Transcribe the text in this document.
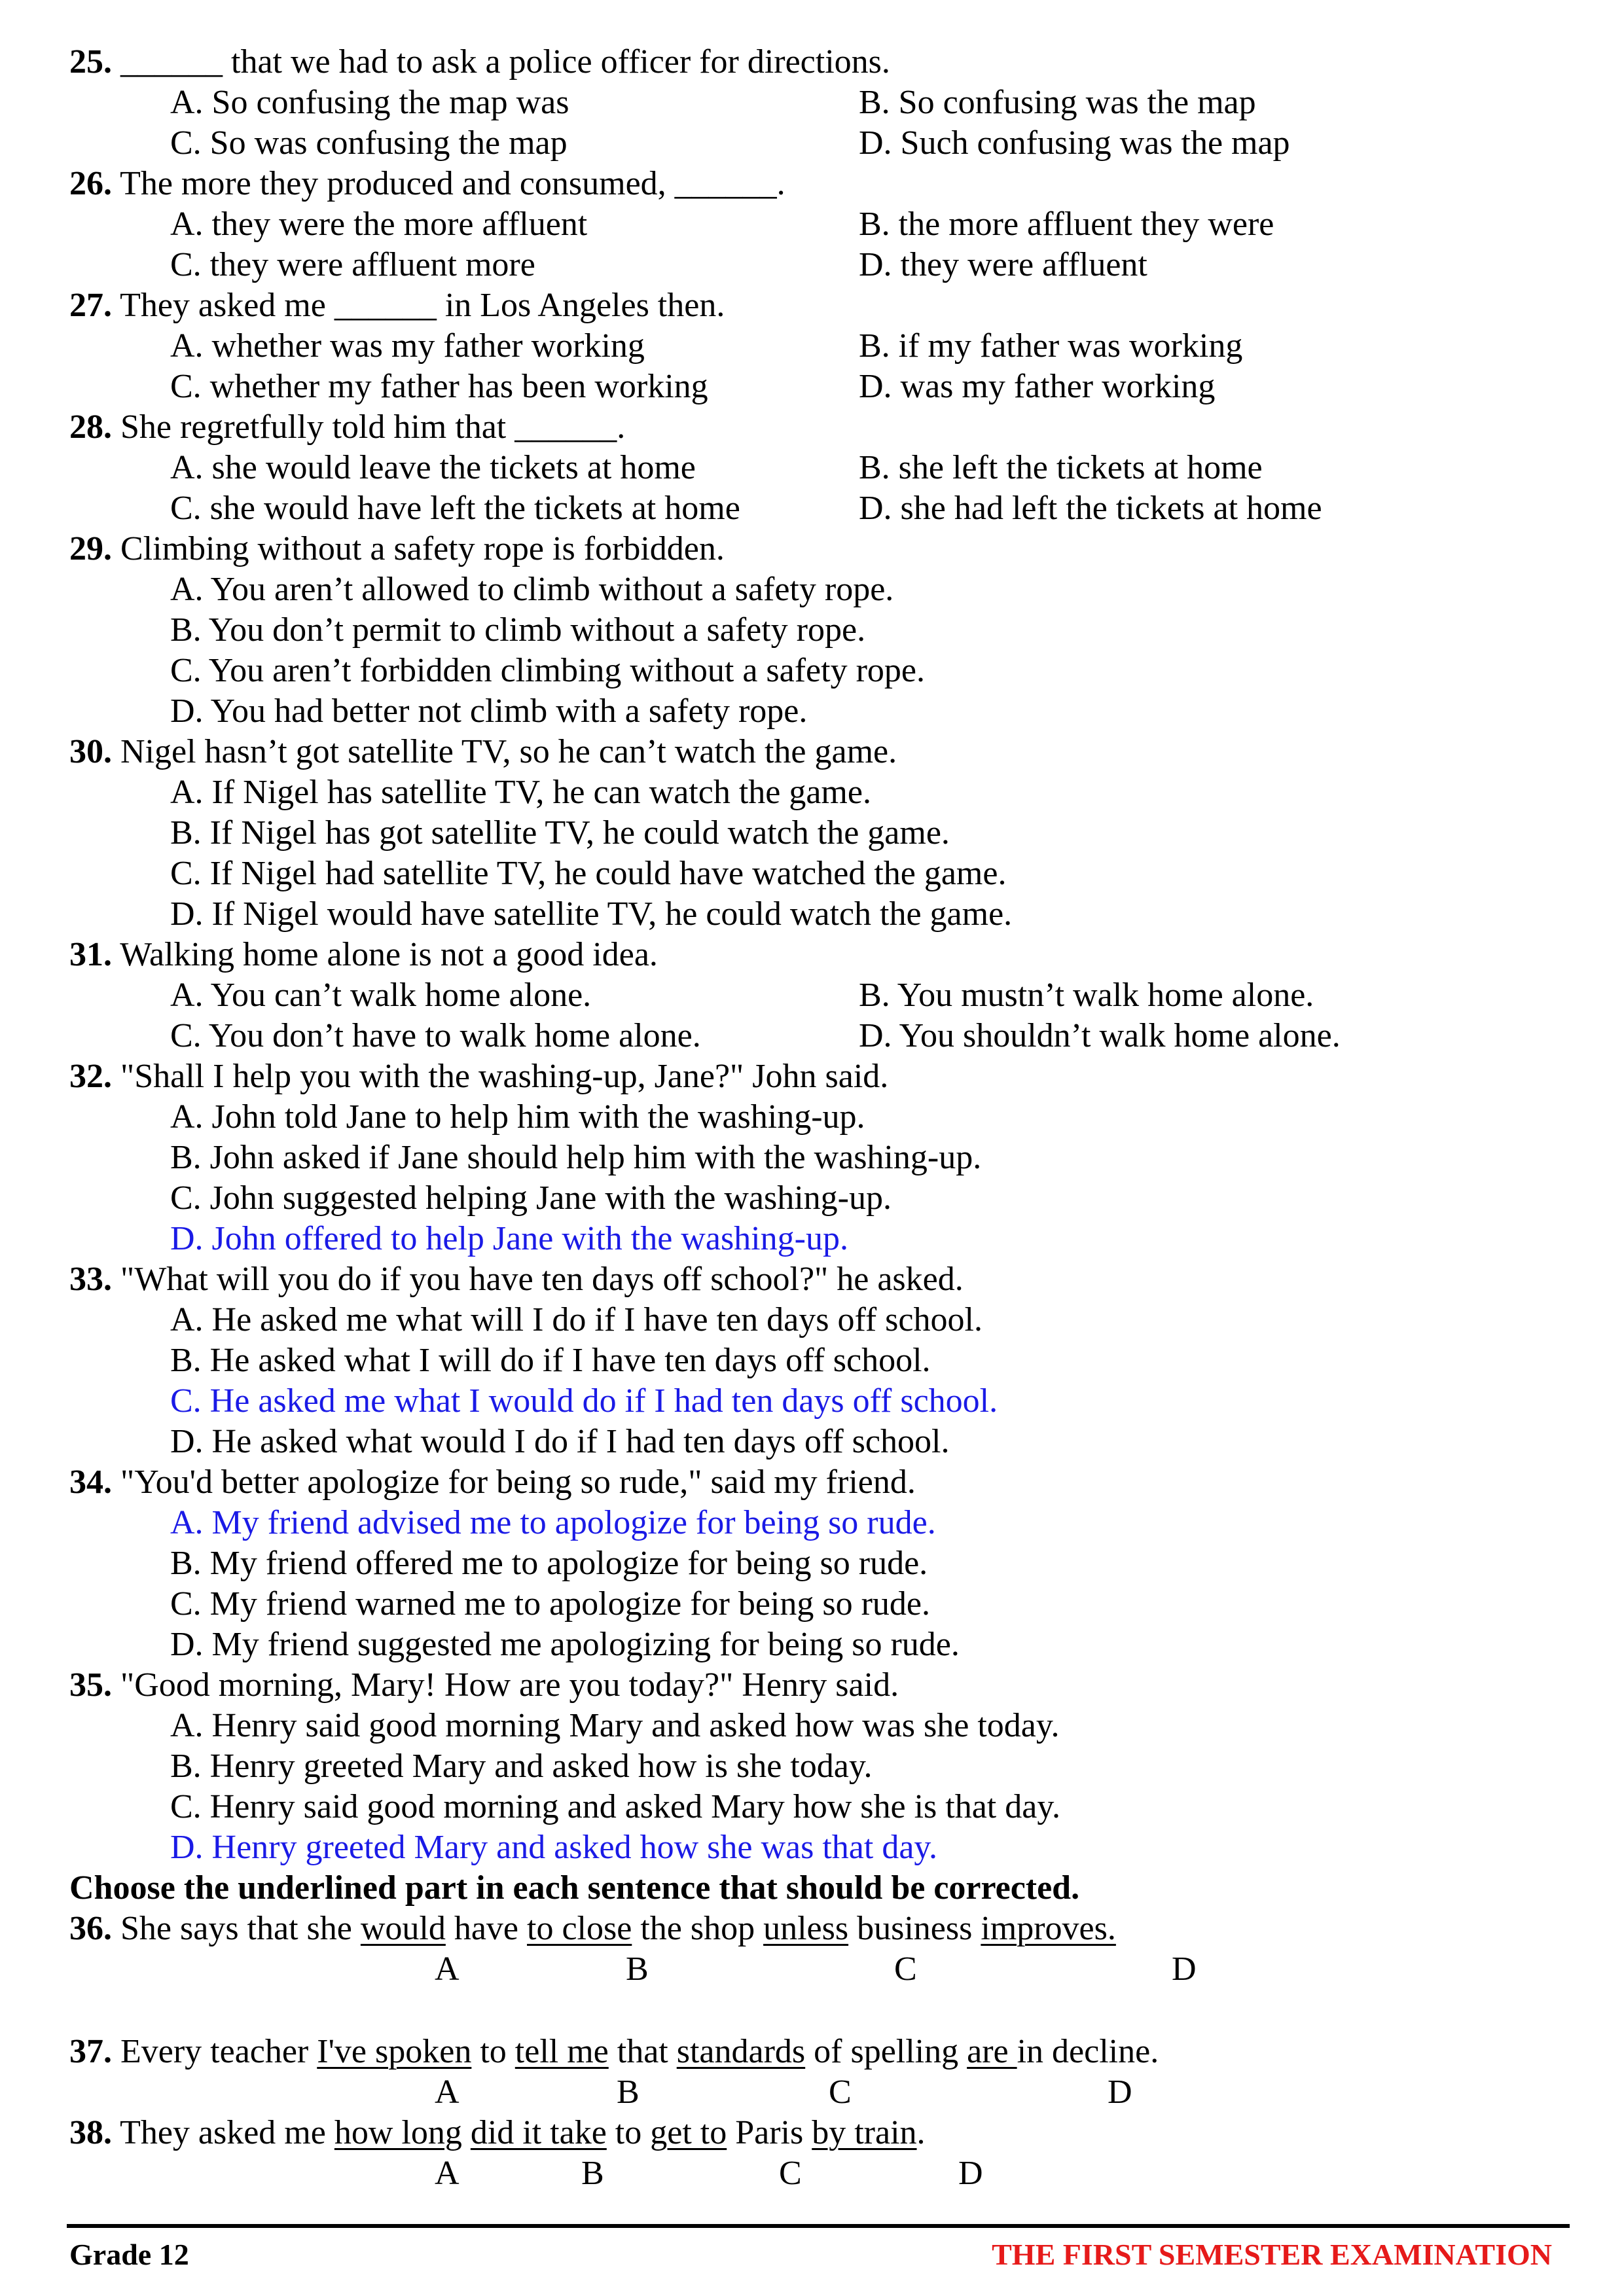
25. ______ that we had to ask a police officer for directions.
A. So confusing the map was	B. So confusing was the map
C. So was confusing the map	D. Such confusing was the map
26. The more they produced and consumed, ______.
A. they were the more affluent	B. the more affluent they were
C. they were affluent more	D. they were affluent
27. They asked me ______ in Los Angeles then.
A. whether was my father working	B. if my father was working
C. whether my father has been working	D. was my father working
28. She regretfully told him that ______.
A. she would leave the tickets at home	B. she left the tickets at home
C. she would have left the tickets at home	D. she had left the tickets at home
29. Climbing without a safety rope is forbidden.
A. You aren’t allowed to climb without a safety rope.
B. You don’t permit to climb without a safety rope.
C. You aren’t forbidden climbing without a safety rope.
D. You had better not climb with a safety rope.
30. Nigel hasn’t got satellite TV, so he can’t watch the game.
A. If Nigel has satellite TV, he can watch the game.
B. If Nigel has got satellite TV, he could watch the game.
C. If Nigel had satellite TV, he could have watched the game.
D. If Nigel would have satellite TV, he could watch the game.
31. Walking home alone is not a good idea.
A. You can’t walk home alone.	B. You mustn’t walk home alone.
C. You don’t have to walk home alone.	D. You shouldn’t walk home alone.
32. "Shall I help you with the washing-up, Jane?" John said.
A. John told Jane to help him with the washing-up.
B. John asked if Jane should help him with the washing-up.
C. John suggested helping Jane with the washing-up.
D. John offered to help Jane with the washing-up.
33. "What will you do if you have ten days off school?" he asked.
A. He asked me what will I do if I have ten days off school.
B. He asked what I will do if I have ten days off school.
C. He asked me what I would do if I had ten days off school.
D. He asked what would I do if I had ten days off school.
34. "You'd better apologize for being so rude," said my friend.
A. My friend advised me to apologize for being so rude.
B. My friend offered me to apologize for being so rude.
C. My friend warned me to apologize for being so rude.
D. My friend suggested me apologizing for being so rude.
35. "Good morning, Mary! How are you today?" Henry said.
A. Henry said good morning Mary and asked how was she today.
B. Henry greeted Mary and asked how is she today.
C. Henry said good morning and asked Mary how she is that day.
D. Henry greeted Mary and asked how she was that day.
Choose the underlined part in each sentence that should be corrected.
36. She says that she would have to close the shop unless business improves.
A	B	C	D
37. Every teacher I've spoken to tell me that standards of spelling are in decline.
A	B	C	D
38. They asked me how long did it take to get to Paris by train.
A	B	C	D
Grade 12	THE FIRST SEMESTER EXAMINATION
